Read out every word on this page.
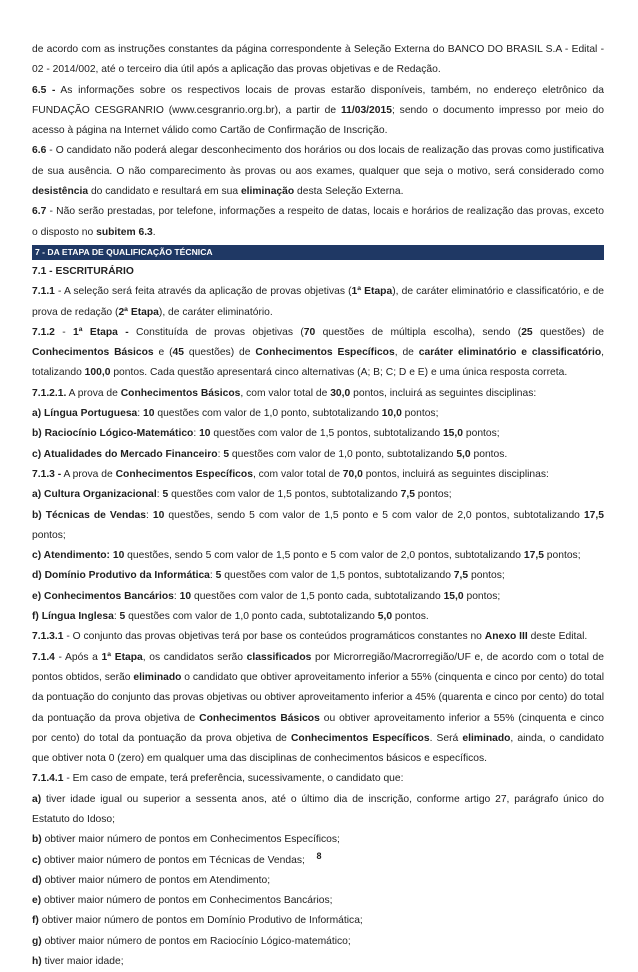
de acordo com as instruções constantes da página correspondente à Seleção Externa do BANCO DO BRASIL S.A - Edital - 02 - 2014/002, até o terceiro dia útil após a aplicação das provas objetivas e de Redação.

6.5 - As informações sobre os respectivos locais de provas estarão disponíveis, também, no endereço eletrônico da FUNDAÇÃO CESGRANRIO (www.cesgranrio.org.br), a partir de 11/03/2015; sendo o documento impresso por meio do acesso à página na Internet válido como Cartão de Confirmação de Inscrição.

6.6 - O candidato não poderá alegar desconhecimento dos horários ou dos locais de realização das provas como justificativa de sua ausência. O não comparecimento às provas ou aos exames, qualquer que seja o motivo, será considerado como desistência do candidato e resultará em sua eliminação desta Seleção Externa.

6.7 - Não serão prestadas, por telefone, informações a respeito de datas, locais e horários de realização das provas, exceto o disposto no subitem 6.3.

7 - DA ETAPA DE QUALIFICAÇÃO TÉCNICA
7.1 - ESCRITURÁRIO

7.1.1 - A seleção será feita através da aplicação de provas objetivas (1ª Etapa), de caráter eliminatório e classificatório, e de prova de redação (2ª Etapa), de caráter eliminatório.

7.1.2 - 1ª Etapa - Constituída de provas objetivas (70 questões de múltipla escolha), sendo (25 questões) de Conhecimentos Básicos e (45 questões) de Conhecimentos Específicos, de caráter eliminatório e classificatório, totalizando 100,0 pontos. Cada questão apresentará cinco alternativas (A; B; C; D e E) e uma única resposta correta.

7.1.2.1. A prova de Conhecimentos Básicos, com valor total de 30,0 pontos, incluirá as seguintes disciplinas:

a) Língua Portuguesa: 10 questões com valor de 1,0 ponto, subtotalizando 10,0 pontos;

b) Raciocínio Lógico-Matemático: 10 questões com valor de 1,5 pontos, subtotalizando 15,0 pontos;

c) Atualidades do Mercado Financeiro: 5 questões com valor de 1,0 ponto, subtotalizando 5,0 pontos.

7.1.3 - A prova de Conhecimentos Específicos, com valor total de 70,0 pontos, incluirá as seguintes disciplinas:

a) Cultura Organizacional: 5 questões com valor de 1,5 pontos, subtotalizando 7,5 pontos;

b) Técnicas de Vendas: 10 questões, sendo 5 com valor de 1,5 ponto e 5 com valor de 2,0 pontos, subtotalizando 17,5 pontos;

c) Atendimento: 10 questões, sendo 5 com valor de 1,5 ponto e 5 com valor de 2,0 pontos, subtotalizando 17,5 pontos;

d) Domínio Produtivo da Informática: 5 questões com valor de 1,5 pontos, subtotalizando 7,5 pontos;

e) Conhecimentos Bancários: 10 questões com valor de 1,5 ponto cada, subtotalizando 15,0 pontos;

f) Língua Inglesa: 5 questões com valor de 1,0 ponto cada, subtotalizando 5,0 pontos.

7.1.3.1 - O conjunto das provas objetivas terá por base os conteúdos programáticos constantes no Anexo III deste Edital.

7.1.4 - Após a 1ª Etapa, os candidatos serão classificados por Microrregião/Macrorregião/UF e, de acordo com o total de pontos obtidos, serão eliminado o candidato que obtiver aproveitamento inferior a 55% (cinquenta e cinco por cento) do total da pontuação do conjunto das provas objetivas ou obtiver aproveitamento inferior a 45% (quarenta e cinco por cento) do total da pontuação da prova objetiva de Conhecimentos Básicos ou obtiver aproveitamento inferior a 55% (cinquenta e cinco por cento) do total da pontuação da prova objetiva de Conhecimentos Específicos. Será eliminado, ainda, o candidato que obtiver nota 0 (zero) em qualquer uma das disciplinas de conhecimentos básicos e específicos.

7.1.4.1 - Em caso de empate, terá preferência, sucessivamente, o candidato que:

a) tiver idade igual ou superior a sessenta anos, até o último dia de inscrição, conforme artigo 27, parágrafo único do Estatuto do Idoso;

b) obtiver maior número de pontos em Conhecimentos Específicos;

c) obtiver maior número de pontos em Técnicas de Vendas;

d) obtiver maior número de pontos em Atendimento;

e) obtiver maior número de pontos em Conhecimentos Bancários;

f) obtiver maior número de pontos em Domínio Produtivo de Informática;

g) obtiver maior número de pontos em Raciocínio Lógico-matemático;

h) tiver maior idade;

8
